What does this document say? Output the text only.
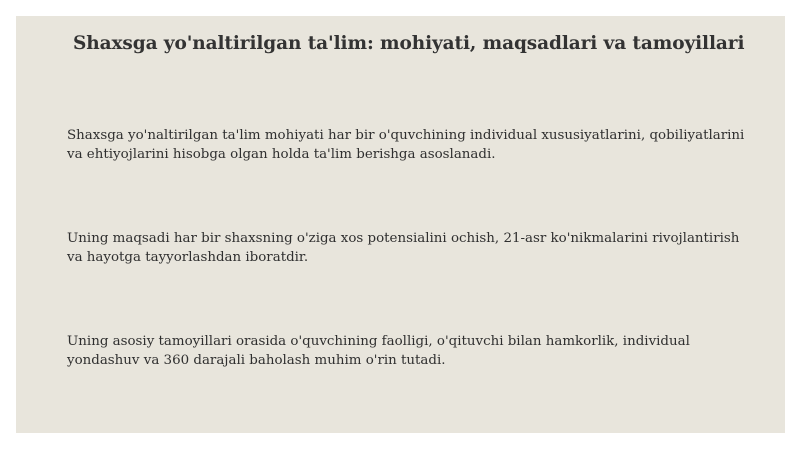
Shaxsga yo'naltirilgan ta'lim: mohiyati, maqsadlari va tamoyillari

Shaxsga yo'naltirilgan ta'lim mohiyati har bir o'quvchining individual xususiyatlarini, qobiliyatlarini va ehtiyojlarini hisobga olgan holda ta'lim berishga asoslanadi.

Uning maqsadi har bir shaxsning o'ziga xos potensialini ochish, 21-asr ko'nikmalarini rivojlantirish va hayotga tayyorlashdan iboratdir.

Uning asosiy tamoyillari orasida o'quvchining faolligi, o'qituvchi bilan hamkorlik, individual yondashuv va 360 darajali baholash muhim o'rin tutadi.
